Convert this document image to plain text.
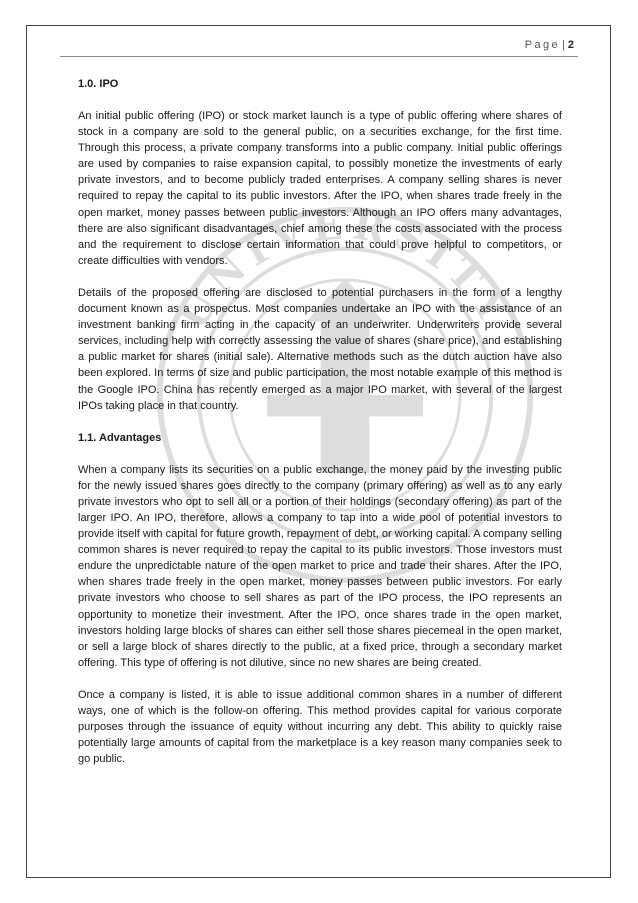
UNIVERSITY
Page | 2
1.0. IPO

An initial public offering (IPO) or stock market launch is a type of public offering where shares of stock in a company are sold to the general public, on a securities exchange, for the first time. Through this process, a private company transforms into a public company. Initial public offerings are used by companies to raise expansion capital, to possibly monetize the investments of early private investors, and to become publicly traded enterprises. A company selling shares is never required to repay the capital to its public investors. After the IPO, when shares trade freely in the open market, money passes between public investors. Although an IPO offers many advantages, there are also significant disadvantages, chief among these the costs associated with the process and the requirement to disclose certain information that could prove helpful to competitors, or create difficulties with vendors.

Details of the proposed offering are disclosed to potential purchasers in the form of a lengthy document known as a prospectus. Most companies undertake an IPO with the assistance of an investment banking firm acting in the capacity of an underwriter. Underwriters provide several services, including help with correctly assessing the value of shares (share price), and establishing a public market for shares (initial sale). Alternative methods such as the dutch auction have also been explored. In terms of size and public participation, the most notable example of this method is the Google IPO. China has recently emerged as a major IPO market, with several of the largest IPOs taking place in that country.

1.1. Advantages

When a company lists its securities on a public exchange, the money paid by the investing public for the newly issued shares goes directly to the company (primary offering) as well as to any early private investors who opt to sell all or a portion of their holdings (secondary offering) as part of the larger IPO. An IPO, therefore, allows a company to tap into a wide pool of potential investors to provide itself with capital for future growth, repayment of debt, or working capital. A company selling common shares is never required to repay the capital to its public investors. Those investors must endure the unpredictable nature of the open market to price and trade their shares. After the IPO, when shares trade freely in the open market, money passes between public investors. For early private investors who choose to sell shares as part of the IPO process, the IPO represents an opportunity to monetize their investment. After the IPO, once shares trade in the open market, investors holding large blocks of shares can either sell those shares piecemeal in the open market, or sell a large block of shares directly to the public, at a fixed price, through a secondary market offering. This type of offering is not dilutive, since no new shares are being created.

Once a company is listed, it is able to issue additional common shares in a number of different ways, one of which is the follow-on offering. This method provides capital for various corporate purposes through the issuance of equity without incurring any debt. This ability to quickly raise potentially large amounts of capital from the marketplace is a key reason many companies seek to go public.
